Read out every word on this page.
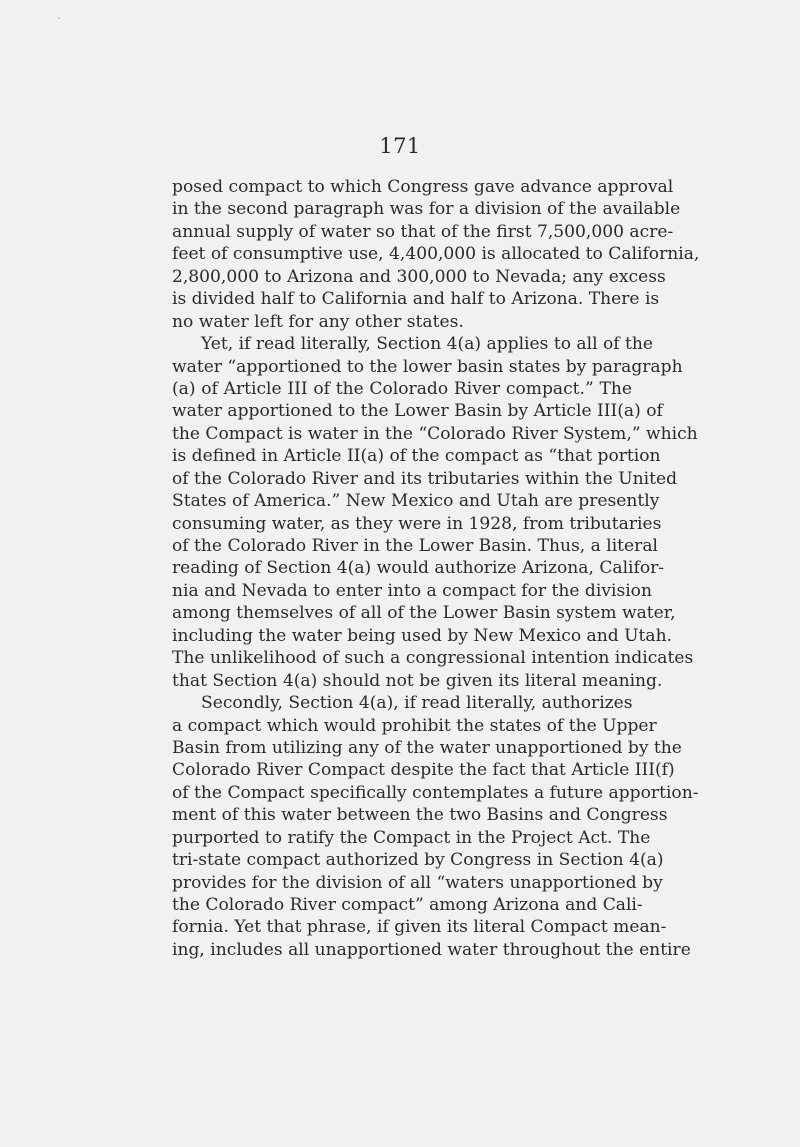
171
posed compact to which Congress gave advance approval
in the second paragraph was for a division of the available
annual supply of water so that of the first 7,500,000 acre-
feet of consumptive use, 4,400,000 is allocated to California,
2,800,000 to Arizona and 300,000 to Nevada; any excess
is divided half to California and half to Arizona. There is
no water left for any other states.
Yet, if read literally, Section 4(a) applies to all of the
water “apportioned to the lower basin states by paragraph
(a) of Article III of the Colorado River compact.” The
water apportioned to the Lower Basin by Article III(a) of
the Compact is water in the “Colorado River System,” which
is defined in Article II(a) of the compact as “that portion
of the Colorado River and its tributaries within the United
States of America.” New Mexico and Utah are presently
consuming water, as they were in 1928, from tributaries
of the Colorado River in the Lower Basin. Thus, a literal
reading of Section 4(a) would authorize Arizona, Califor-
nia and Nevada to enter into a compact for the division
among themselves of all of the Lower Basin system water,
including the water being used by New Mexico and Utah.
The unlikelihood of such a congressional intention indicates
that Section 4(a) should not be given its literal meaning.
Secondly, Section 4(a), if read literally, authorizes
a compact which would prohibit the states of the Upper
Basin from utilizing any of the water unapportioned by the
Colorado River Compact despite the fact that Article III(f)
of the Compact specifically contemplates a future apportion-
ment of this water between the two Basins and Congress
purported to ratify the Compact in the Project Act. The
tri-state compact authorized by Congress in Section 4(a)
provides for the division of all “waters unapportioned by
the Colorado River compact” among Arizona and Cali-
fornia. Yet that phrase, if given its literal Compact mean-
ing, includes all unapportioned water throughout the entire
